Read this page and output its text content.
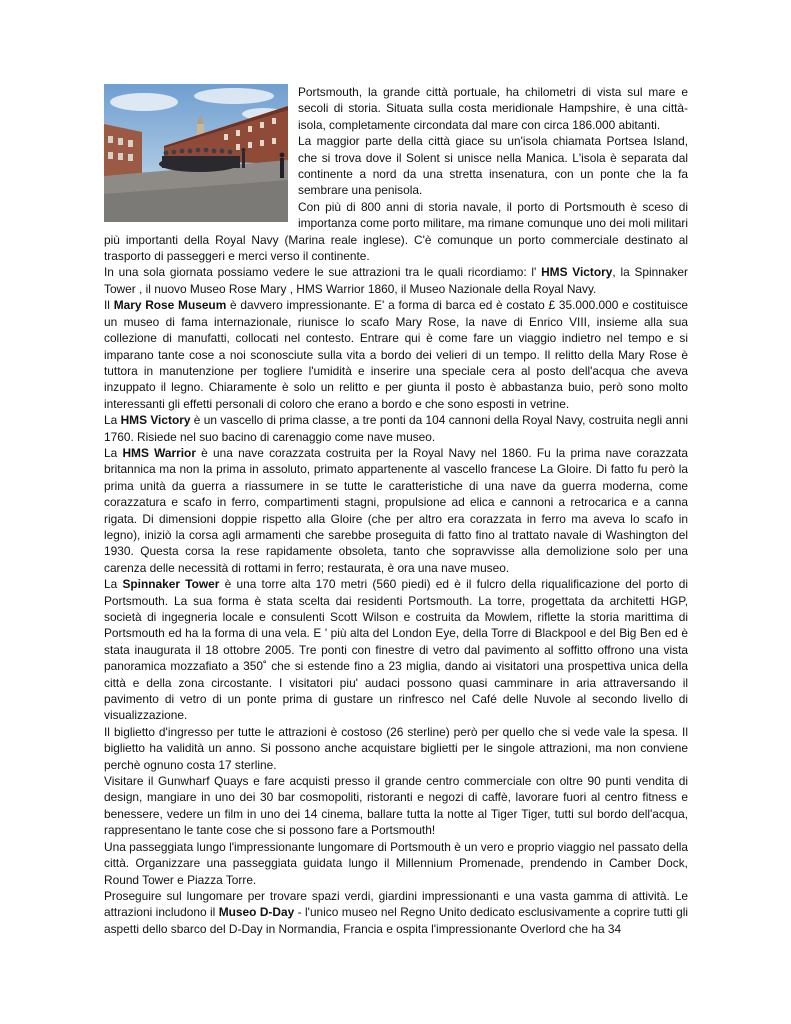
Portsmouth, la grande città portuale, ha chilometri di vista sul mare e secoli di storia. Situata sulla costa meridionale Hampshire, è una città-isola, completamente circondata dal mare con circa 186.000 abitanti.

La maggior parte della città giace su un'isola chiamata Portsea Island, che si trova dove il Solent si unisce nella Manica. L'isola è separata dal continente a nord da una stretta insenatura, con un ponte che la fa sembrare una penisola.

Con più di 800 anni di storia navale, il porto di Portsmouth è sceso di importanza come porto militare, ma rimane comunque uno dei moli militari più importanti della Royal Navy (Marina reale inglese). C'è comunque un porto commerciale destinato al trasporto di passeggeri e merci verso il continente.

In una sola giornata possiamo vedere le sue attrazioni tra le quali ricordiamo: l' HMS Victory, la Spinnaker Tower , il nuovo Museo Rose Mary , HMS Warrior 1860, il Museo Nazionale della Royal Navy.

Il Mary Rose Museum è davvero impressionante. E' a forma di barca ed è costato £ 35.000.000 e costituisce un museo di fama internazionale, riunisce lo scafo Mary Rose, la nave di Enrico VIII, insieme alla sua collezione di manufatti, collocati nel contesto. Entrare qui è come fare un viaggio indietro nel tempo e si imparano tante cose a noi sconosciute sulla vita a bordo dei velieri di un tempo. Il relitto della Mary Rose è tuttora in manutenzione per togliere l'umidità e inserire una speciale cera al posto dell'acqua che aveva inzuppato il legno. Chiaramente è solo un relitto e per giunta il posto è abbastanza buio, però sono molto interessanti gli effetti personali di coloro che erano a bordo e che sono esposti in vetrine.

La HMS Victory è un vascello di prima classe, a tre ponti da 104 cannoni della Royal Navy, costruita negli anni 1760. Risiede nel suo bacino di carenaggio come nave museo.

La HMS Warrior è una nave corazzata costruita per la Royal Navy nel 1860. Fu la prima nave corazzata britannica ma non la prima in assoluto, primato appartenente al vascello francese La Gloire. Di fatto fu però la prima unità da guerra a riassumere in se tutte le caratteristiche di una nave da guerra moderna, come corazzatura e scafo in ferro, compartimenti stagni, propulsione ad elica e cannoni a retrocarica e a canna rigata. Di dimensioni doppie rispetto alla Gloire (che per altro era corazzata in ferro ma aveva lo scafo in legno), iniziò la corsa agli armamenti che sarebbe proseguita di fatto fino al trattato navale di Washington del 1930. Questa corsa la rese rapidamente obsoleta, tanto che sopravvisse alla demolizione solo per una carenza delle necessità di rottami in ferro; restaurata, è ora una nave museo.

La Spinnaker Tower è una torre alta 170 metri (560 piedi) ed è il fulcro della riqualificazione del porto di Portsmouth. La sua forma è stata scelta dai residenti Portsmouth. La torre, progettata da architetti HGP, società di ingegneria locale e consulenti Scott Wilson e costruita da Mowlem, riflette la storia marittima di Portsmouth ed ha la forma di una vela. E ' più alta del London Eye, della Torre di Blackpool e del Big Ben ed è stata inaugurata il 18 ottobre 2005. Tre ponti con finestre di vetro dal pavimento al soffitto offrono una vista panoramica mozzafiato a 350˚ che si estende fino a 23 miglia, dando ai visitatori una prospettiva unica della città e della zona circostante. I visitatori piu' audaci possono quasi camminare in aria attraversando il pavimento di vetro di un ponte prima di gustare un rinfresco nel Café delle Nuvole al secondo livello di visualizzazione.

Il biglietto d'ingresso per tutte le attrazioni è costoso (26 sterline) però per quello che si vede vale la spesa. Il biglietto ha validità un anno. Si possono anche acquistare biglietti per le singole attrazioni, ma non conviene perchè ognuno costa 17 sterline.

Visitare il Gunwharf Quays e fare acquisti presso il grande centro commerciale con oltre 90 punti vendita di design, mangiare in uno dei 30 bar cosmopoliti, ristoranti e negozi di caffè, lavorare fuori al centro fitness e benessere, vedere un film in uno dei 14 cinema, ballare tutta la notte al Tiger Tiger, tutti sul bordo dell'acqua, rappresentano le tante cose che si possono fare a Portsmouth!

Una passeggiata lungo l'impressionante lungomare di Portsmouth è un vero e proprio viaggio nel passato della città. Organizzare una passeggiata guidata lungo il Millennium Promenade, prendendo in Camber Dock, Round Tower e Piazza Torre.

Proseguire sul lungomare per trovare spazi verdi, giardini impressionanti e una vasta gamma di attività. Le attrazioni includono il Museo D-Day - l'unico museo nel Regno Unito dedicato esclusivamente a coprire tutti gli aspetti dello sbarco del D-Day in Normandia, Francia e ospita l'impressionante Overlord che ha 34
